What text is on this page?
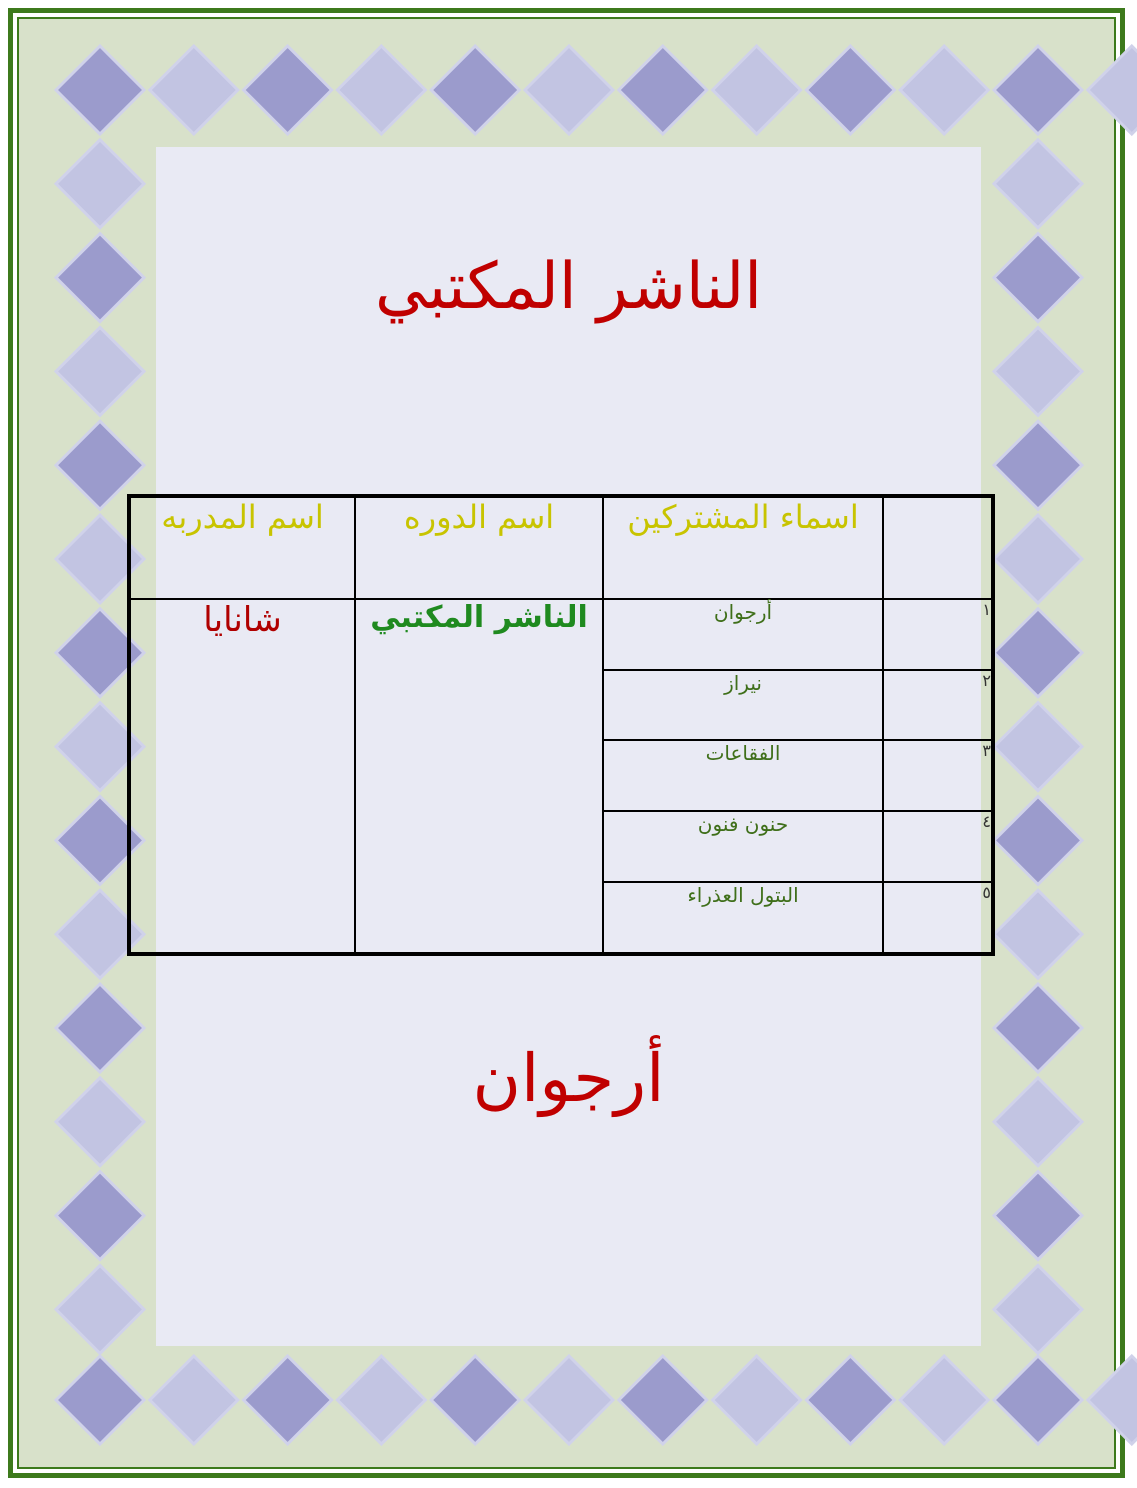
الناشر المكتبي
	اسماء المشتركين	اسم الدوره	اسم المدربه

١	أرجوان	الناشر المكتبي	شانايا

٢	نيراز		

٣	الفقاعات		

٤	حنون فنون		

٥	البتول العذراء		
أرجوان
